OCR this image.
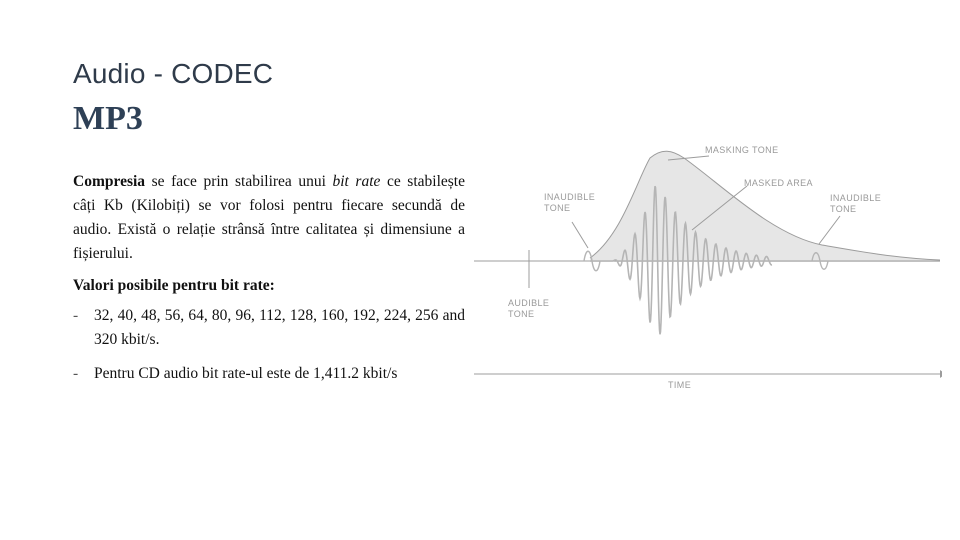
Audio - CODEC
MP3

Compresia se face prin stabilirea unui bit rate ce stabilește câți Kb (Kilobiți) se vor folosi pentru fiecare secundă de audio. Există o relație strânsă între calitatea și dimensiune a fișierului.

Valori posibile pentru bit rate:

- 32, 40, 48, 56, 64, 80, 96, 112, 128, 160, 192, 224, 256 and 320 kbit/s.
- Pentru CD audio bit rate-ul este de 1,411.2 kbit/s
MASKING TONE
MASKED AREA
INAUDIBLE
TONE
INAUDIBLE
TONE
AUDIBLE
TONE
TIME
